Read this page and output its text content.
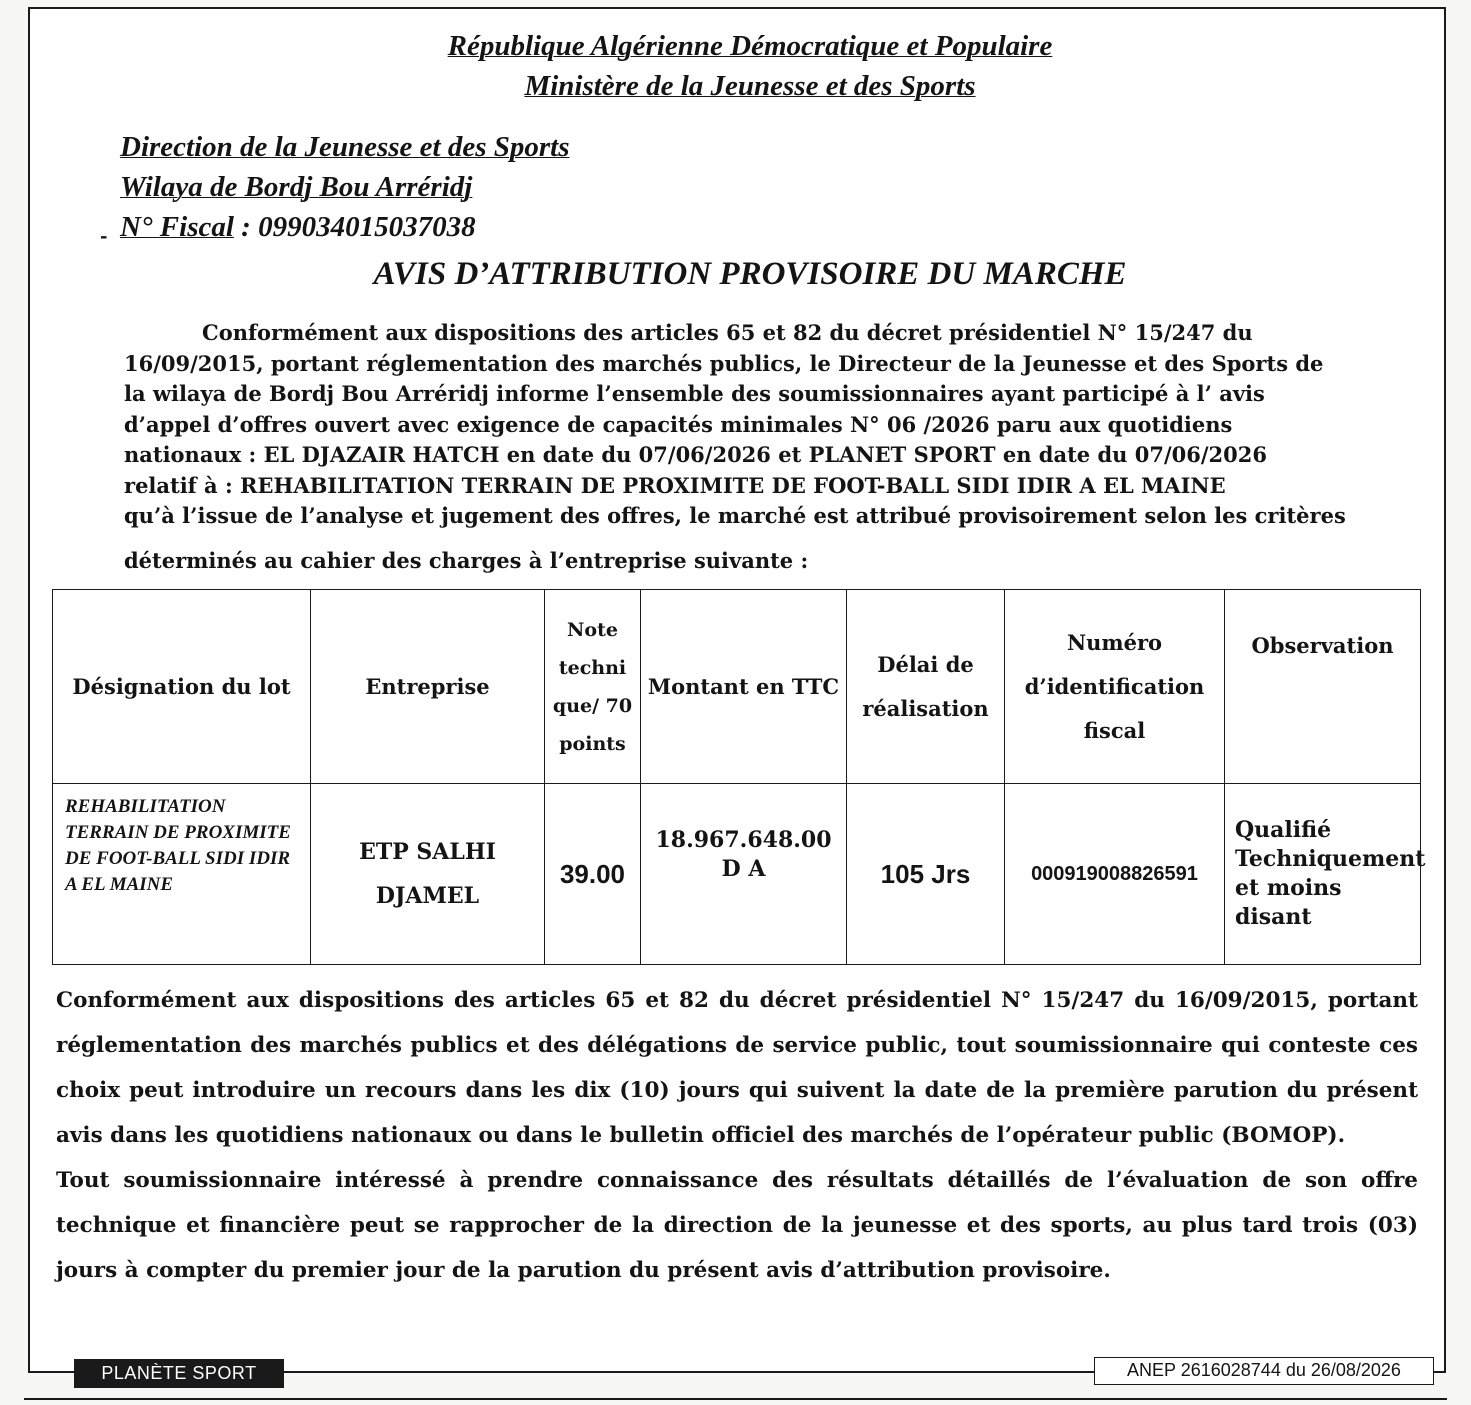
République Algérienne Démocratique et Populaire
Ministère de la Jeunesse et des Sports
Direction de la Jeunesse et des Sports
Wilaya de Bordj Bou Arréridj
- N° Fiscal : 099034015037038
AVIS D’ATTRIBUTION PROVISOIRE DU MARCHE
Conformément aux dispositions des articles 65 et 82 du décret présidentiel N° 15/247 du
16/09/2015, portant réglementation des marchés publics, le Directeur de la Jeunesse et des Sports de
la wilaya de Bordj Bou Arréridj informe l’ensemble des soumissionnaires ayant participé à l’ avis
d’appel d’offres ouvert avec exigence de capacités minimales N° 06 /2026 paru aux quotidiens
nationaux : EL DJAZAIR HATCH en date du 07/06/2026 et PLANET SPORT en date du 07/06/2026
relatif à : REHABILITATION TERRAIN DE PROXIMITE DE FOOT-BALL SIDI IDIR A EL MAINE
qu’à l’issue de l’analyse et jugement des offres, le marché est attribué provisoirement selon les critères
déterminés au cahier des charges à l’entreprise suivante :
Désignation du lot	Entreprise	Note techni que/ 70 points	Montant en TTC	Délai de réalisation	Numéro d’identification fiscal	Observation
REHABILITATION TERRAIN DE PROXIMITE DE FOOT-BALL SIDI IDIR A EL MAINE	ETP SALHI DJAMEL	39.00	18.967.648.00 D A	105 Jrs	000919008826591	Qualifié Techniquement et moins disant

Conformément aux dispositions des articles 65 et 82 du décret présidentiel N° 15/247 du 16/09/2015, portant réglementation des marchés publics et des délégations de service public, tout soumissionnaire qui conteste ces choix peut introduire un recours dans les dix (10) jours qui suivent la date de la première parution du présent avis dans les quotidiens nationaux ou dans le bulletin officiel des marchés de l’opérateur public (BOMOP).

Tout soumissionnaire intéressé à prendre connaissance des résultats détaillés de l’évaluation de son offre technique et financière peut se rapprocher de la direction de la jeunesse et des sports, au plus tard trois (03) jours à compter du premier jour de la parution du présent avis d’attribution provisoire.

PLANÈTE SPORT	ANEP 2616028744 du 26/08/2026
